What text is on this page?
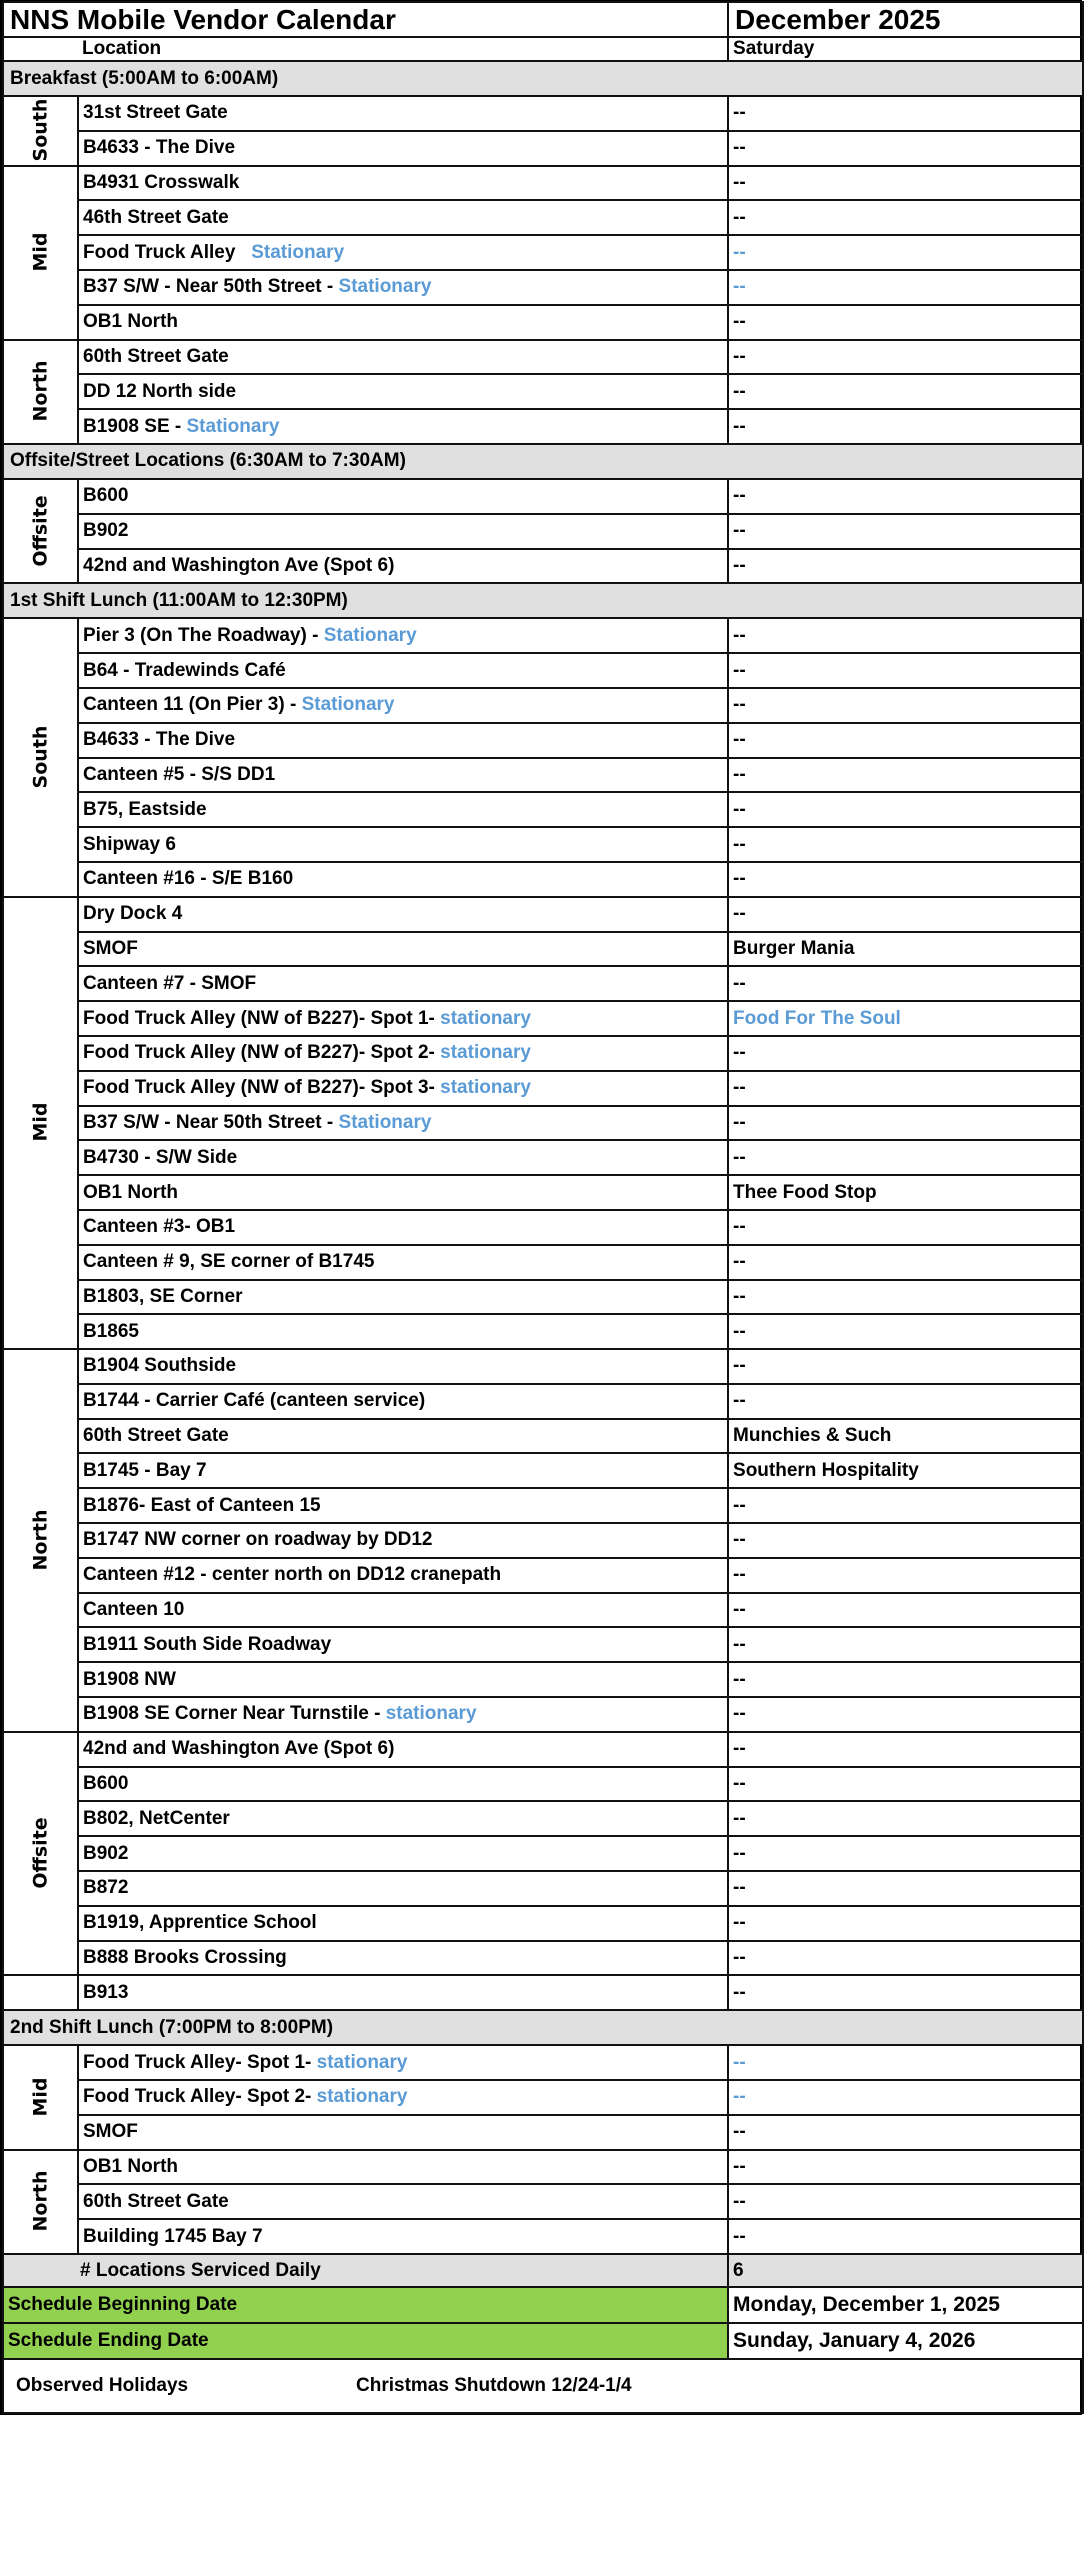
NNS Mobile Vendor Calendar		December 2025
	Location	Saturday
Breakfast (5:00AM to 6:00AM)		
South	31st Street Gate	--
	B4633 - The Dive	--
Mid	B4931 Crosswalk	--
	46th Street Gate	--
	Food Truck Alley   Stationary	--
	B37 S/W - Near 50th Street - Stationary	--
	OB1 North	--
North	60th Street Gate	--
	DD 12 North side	--
	B1908 SE - Stationary	--
Offsite/Street Locations (6:30AM to 7:30AM)		
Offsite	B600	--
	B902	--
	42nd and Washington Ave (Spot 6)	--
1st Shift Lunch (11:00AM to 12:30PM)		
South	Pier 3 (On The Roadway) - Stationary	--
	B64 - Tradewinds Café	--
	Canteen 11 (On Pier 3) - Stationary	--
	B4633 - The Dive	--
	Canteen #5 - S/S DD1	--
	B75, Eastside	--
	Shipway 6	--
	Canteen #16 - S/E B160	--
Mid	Dry Dock 4	--
	SMOF	Burger Mania
	Canteen #7 - SMOF	--
	Food Truck Alley (NW of B227)- Spot 1- stationary	Food For The Soul
	Food Truck Alley (NW of B227)- Spot 2- stationary	--
	Food Truck Alley (NW of B227)- Spot 3- stationary	--
	B37 S/W - Near 50th Street - Stationary	--
	B4730 - S/W Side	--
	OB1 North	Thee Food Stop
	Canteen #3- OB1	--
	Canteen # 9, SE corner of B1745	--
	B1803, SE Corner	--
	B1865	--
North	B1904 Southside	--
	B1744 - Carrier Café (canteen service)	--
	60th Street Gate	Munchies & Such
	B1745 - Bay 7	Southern Hospitality
	B1876- East of Canteen 15	--
	B1747 NW corner on roadway by DD12	--
	Canteen #12 - center north on DD12 cranepath	--
	Canteen 10	--
	B1911 South Side Roadway	--
	B1908 NW	--
	B1908 SE Corner Near Turnstile - stationary	--
Offsite	42nd and Washington Ave (Spot 6)	--
	B600	--
	B802, NetCenter	--
	B902	--
	B872	--
	B1919, Apprentice School	--
	B888 Brooks Crossing	--
	B913	--
2nd Shift Lunch (7:00PM to 8:00PM)		
Mid	Food Truck Alley- Spot 1- stationary	--
	Food Truck Alley- Spot 2- stationary	--
	SMOF	--
North	OB1 North	--
	60th Street Gate	--
	Building 1745 Bay 7	--
# Locations Serviced Daily		6
Schedule Beginning Date		Monday, December 1, 2025
Schedule Ending Date		Sunday, January 4, 2026
Observed Holidays Christmas Shutdown 12/24-1/4		
